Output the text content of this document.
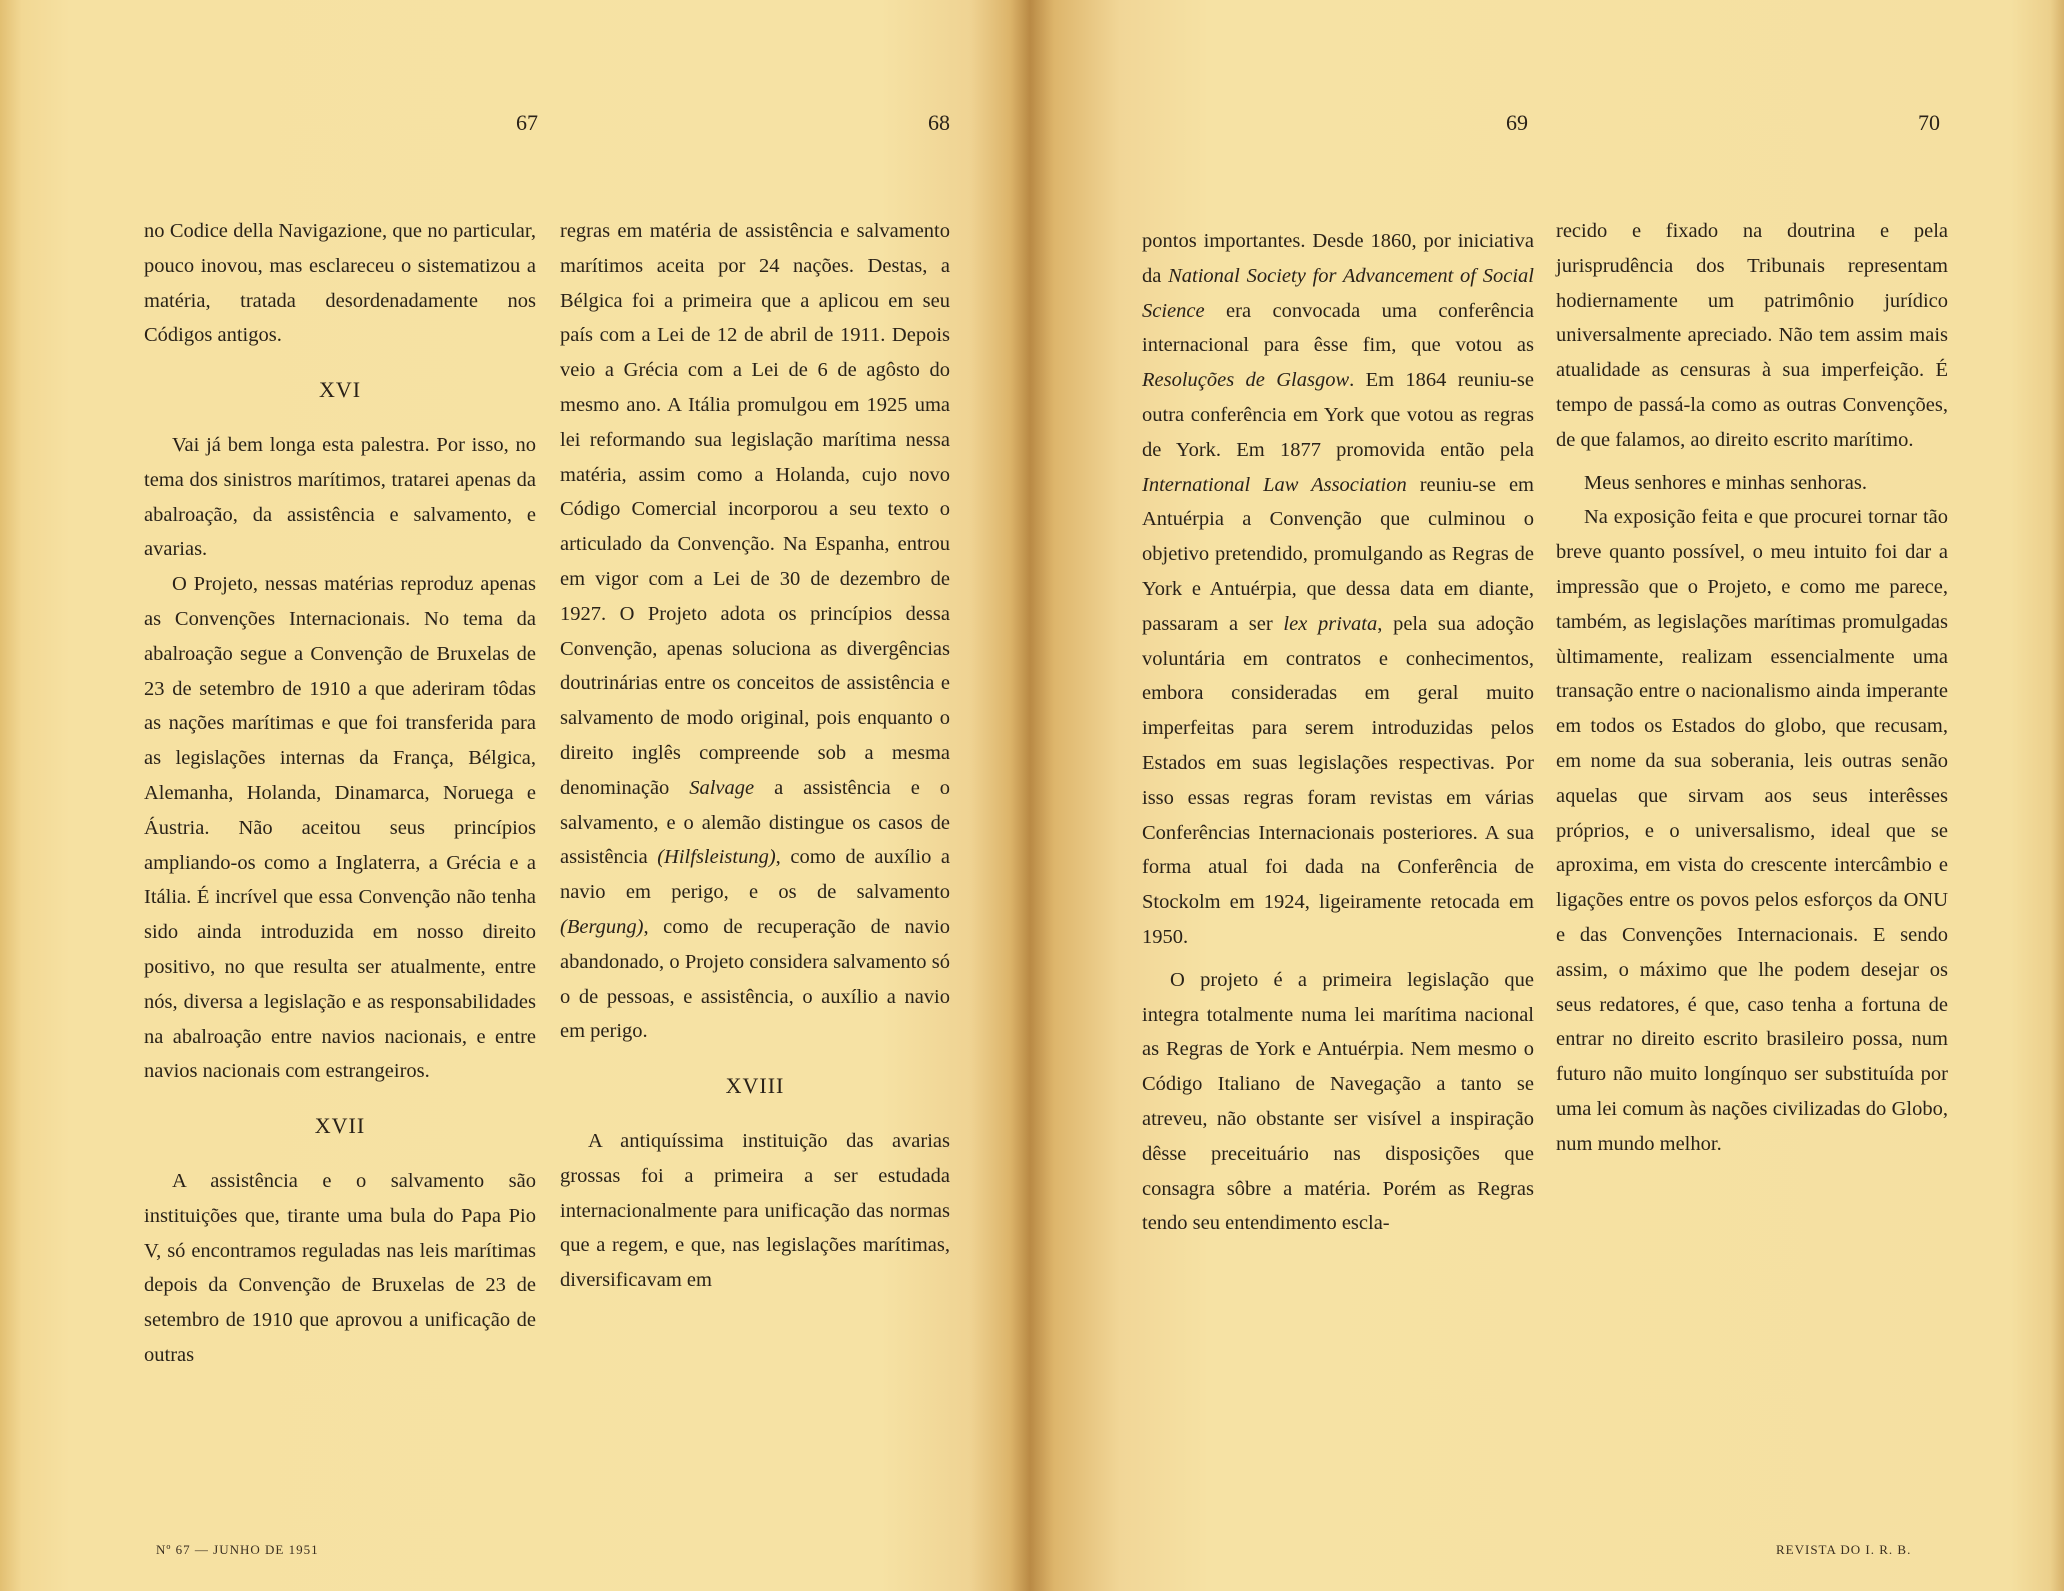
67	68

no Codice della Navigazione, que no particular, pouco inovou, mas esclareceu o sistematizou a matéria, tratada desordenadamente nos Códigos antigos.

XVI

Vai já bem longa esta palestra. Por isso, no tema dos sinistros marítimos, tratarei apenas da abalroação, da assistência e salvamento, e avarias.

O Projeto, nessas matérias reproduz apenas as Convenções Internacionais. No tema da abalroação segue a Convenção de Bruxelas de 23 de setembro de 1910 a que aderiram tôdas as nações marítimas e que foi transferida para as legislações internas da França, Bélgica, Alemanha, Holanda, Dinamarca, Noruega e Áustria. Não aceitou seus princípios ampliando-os como a Inglaterra, a Grécia e a Itália. É incrível que essa Convenção não tenha sido ainda introduzida em nosso direito positivo, no que resulta ser atualmente, entre nós, diversa a legislação e as responsabilidades na abalroação entre navios nacionais, e entre navios nacionais com estrangeiros.

XVII

A assistência e o salvamento são instituições que, tirante uma bula do Papa Pio V, só encontramos reguladas nas leis marítimas depois da Convenção de Bruxelas de 23 de setembro de 1910 que aprovou a unificação de outras

regras em matéria de assistência e salvamento marítimos aceita por 24 nações. Destas, a Bélgica foi a primeira que a aplicou em seu país com a Lei de 12 de abril de 1911. Depois veio a Grécia com a Lei de 6 de agôsto do mesmo ano. A Itália promulgou em 1925 uma lei reformando sua legislação marítima nessa matéria, assim como a Holanda, cujo novo Código Comercial incorporou a seu texto o articulado da Convenção. Na Espanha, entrou em vigor com a Lei de 30 de dezembro de 1927. O Projeto adota os princípios dessa Convenção, apenas soluciona as divergências doutrinárias entre os conceitos de assistência e salvamento de modo original, pois enquanto o direito inglês compreende sob a mesma denominação Salvage a assistência e o salvamento, e o alemão distingue os casos de assistência (Hilfsleistung), como de auxílio a navio em perigo, e os de salvamento (Bergung), como de recuperação de navio abandonado, o Projeto considera salvamento só o de pessoas, e assistência, o auxílio a navio em perigo.

XVIII

A antiquíssima instituição das avarias grossas foi a primeira a ser estudada internacionalmente para unificação das normas que a regem, e que, nas legislações marítimas, diversificavam em

Nº 67 — JUNHO DE 1951
69	70

pontos importantes. Desde 1860, por iniciativa da National Society for Advancement of Social Science era convocada uma conferência internacional para êsse fim, que votou as Resoluções de Glasgow. Em 1864 reuniu-se outra conferência em York que votou as regras de York. Em 1877 promovida então pela International Law Association reuniu-se em Antuérpia a Convenção que culminou o objetivo pretendido, promulgando as Regras de York e Antuérpia, que dessa data em diante, passaram a ser lex privata, pela sua adoção voluntária em contratos e conhecimentos, embora consideradas em geral muito imperfeitas para serem introduzidas pelos Estados em suas legislações respectivas. Por isso essas regras foram revistas em várias Conferências Internacionais posteriores. A sua forma atual foi dada na Conferência de Stockolm em 1924, ligeiramente retocada em 1950.

O projeto é a primeira legislação que integra totalmente numa lei marítima nacional as Regras de York e Antuérpia. Nem mesmo o Código Italiano de Navegação a tanto se atreveu, não obstante ser visível a inspiração dêsse preceituário nas disposições que consagra sôbre a matéria. Porém as Regras tendo seu entendimento escla-

recido e fixado na doutrina e pela jurisprudência dos Tribunais representam hodiernamente um patrimônio jurídico universalmente apreciado. Não tem assim mais atualidade as censuras à sua imperfeição. É tempo de passá-la como as outras Convenções, de que falamos, ao direito escrito marítimo.

Meus senhores e minhas senhoras.

Na exposição feita e que procurei tornar tão breve quanto possível, o meu intuito foi dar a impressão que o Projeto, e como me parece, também, as legislações marítimas promulgadas ùltimamente, realizam essencialmente uma transação entre o nacionalismo ainda imperante em todos os Estados do globo, que recusam, em nome da sua soberania, leis outras senão aquelas que sirvam aos seus interêsses próprios, e o universalismo, ideal que se aproxima, em vista do crescente intercâmbio e ligações entre os povos pelos esforços da ONU e das Convenções Internacionais. E sendo assim, o máximo que lhe podem desejar os seus redatores, é que, caso tenha a fortuna de entrar no direito escrito brasileiro possa, num futuro não muito longínquo ser substituída por uma lei comum às nações civilizadas do Globo, num mundo melhor.

REVISTA DO I. R. B.
